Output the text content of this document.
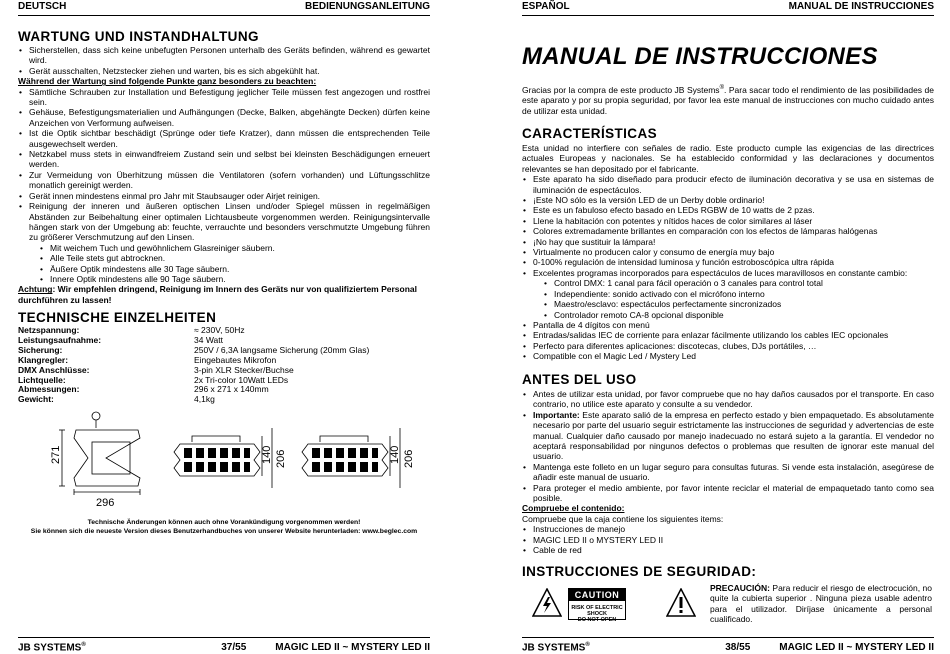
DEUTSCH	BEDIENUNGSANLEITUNG
WARTUNG UND INSTANDHALTUNG
• Sicherstellen, dass sich keine unbefugten Personen unterhalb des Geräts befinden, während es gewartet wird.
• Gerät ausschalten, Netzstecker ziehen und warten, bis es sich abgekühlt hat.
Während der Wartung sind folgende Punkte ganz besonders zu beachten:
• Sämtliche Schrauben zur Installation und Befestigung jeglicher Teile müssen fest angezogen und rostfrei sein.
• Gehäuse, Befestigungsmaterialien und Aufhängungen (Decke, Balken, abgehängte Decken) dürfen keine Anzeichen von Verformung aufweisen.
• Ist die Optik sichtbar beschädigt (Sprünge oder tiefe Kratzer), dann müssen die entsprechenden Teile ausgewechselt werden.
• Netzkabel muss stets in einwandfreiem Zustand sein und selbst bei kleinsten Beschädigungen erneuert werden.
• Zur Vermeidung von Überhitzung müssen die Ventilatoren (sofern vorhanden) und Lüftungsschlitze monatlich gereinigt werden.
• Gerät innen mindestens einmal pro Jahr mit Staubsauger oder Airjet reinigen.
• Reinigung der inneren und äußeren optischen Linsen und/oder Spiegel müssen in regelmäßigen Abständen zur Beibehaltung einer optimalen Lichtausbeute vorgenommen werden. Reinigungsintervalle hängen stark von der Umgebung ab: feuchte, verrauchte und besonders verschmutzte Umgebung führen zu größerer Verschmutzung auf den Linsen.
• Mit weichem Tuch und gewöhnlichem Glasreiniger säubern.
• Alle Teile stets gut abtrocknen.
• Äußere Optik mindestens alle 30 Tage säubern.
• Innere Optik mindestens alle 90 Tage säubern.
Achtung: Wir empfehlen dringend, Reinigung im Innern des Geräts nur von qualifiziertem Personal durchführen zu lassen!
TECHNISCHE EINZELHEITEN
Netzspannung:	≈ 230V, 50Hz
Leistungsaufnahme:	34 Watt
Sicherung:	250V / 6,3A langsame Sicherung (20mm Glas)
Klangregler:	Eingebautes Mikrofon
DMX Anschlüsse:	3-pin XLR Stecker/Buchse
Lichtquelle:	2x Tri-color 10Watt LEDs
Abmessungen:	296 x 271 x 140mm
Gewicht:	4,1kg
271
296
140 206	140 206
Technische Änderungen können auch ohne Vorankündigung vorgenommen werden!
Sie können sich die neueste Version dieses Benutzerhandbuches von unserer Website herunterladen: www.beglec.com
JB SYSTEMS®	37/55	MAGIC LED II ~ MYSTERY LED II
ESPAÑOL	MANUAL DE INSTRUCCIONES
MANUAL DE INSTRUCCIONES
Gracias por la compra de este producto JB Systems®. Para sacar todo el rendimiento de las posibilidades de este aparato y por su propia seguridad, por favor lea este manual de instrucciones con mucho cuidado antes de utilizar esta unidad.
CARACTERÍSTICAS
Esta unidad no interfiere con señales de radio. Este producto cumple las exigencias de las directrices actuales Europeas y nacionales. Se ha establecido conformidad y las declaraciones y documentos relevantes se han depositado por el fabricante.
• Este aparato ha sido diseñado para producir efecto de iluminación decorativa y se usa en sistemas de iluminación de espectáculos.
• ¡Este NO sólo es la versión LED de un Derby doble ordinario!
• Este es un fabuloso efecto basado en LEDs RGBW de 10 watts de 2 pzas.
• Llene la habitación con potentes y nítidos haces de color similares al láser
• Colores extremadamente brillantes en comparación con los efectos de lámparas halógenas
• ¡No hay que sustituir la lámpara!
• Virtualmente no producen calor y consumo de energía muy bajo
• 0-100% regulación de intensidad luminosa y función estroboscópica ultra rápida
• Excelentes programas incorporados para espectáculos de luces maravillosos en constante cambio:
• Control DMX: 1 canal para fácil operación o 3 canales para control total
• Independiente: sonido activado con el micrófono interno
• Maestro/esclavo: espectáculos perfectamente sincronizados
• Controlador remoto CA-8 opcional disponible
• Pantalla de 4 dígitos con menú
• Entradas/salidas IEC de corriente para enlazar fácilmente utilizando los cables IEC opcionales
• Perfecto para diferentes aplicaciones: discotecas, clubes, DJs portátiles, …
• Compatible con el Magic Led / Mystery Led
ANTES DEL USO
• Antes de utilizar esta unidad, por favor compruebe que no hay daños causados por el transporte. En caso contrario, no utilice este aparato y consulte a su vendedor.
• Importante: Este aparato salió de la empresa en perfecto estado y bien empaquetado. Es absolutamente necesario por parte del usuario seguir estrictamente las instrucciones de seguridad y advertencias de este manual. Cualquier daño causado por manejo inadecuado no estará sujeto a la garantía. El vendedor no aceptará responsabilidad por ningunos defectos o problemas que resulten de ignorar este manual del usuario.
• Mantenga este folleto en un lugar seguro para consultas futuras. Si vende esta instalación, asegúrese de añadir este manual de usuario.
• Para proteger el medio ambiente, por favor intente reciclar el material de empaquetado tanto como sea posible.
Compruebe el contenido:
Compruebe que la caja contiene los siguientes items:
• Instrucciones de manejo
• MAGIC LED II o MYSTERY LED II
• Cable de red
INSTRUCCIONES DE SEGURIDAD:
CAUTION
RISK OF ELECTRIC SHOCK
DO NOT OPEN
PRECAUCIÓN: Para reducir el riesgo de electrocución, no quite la cubierta superior . Ninguna pieza usable adentro para el utilizador. Diríjase únicamente a personal cualificado.
JB SYSTEMS®	38/55	MAGIC LED II ~ MYSTERY LED II
